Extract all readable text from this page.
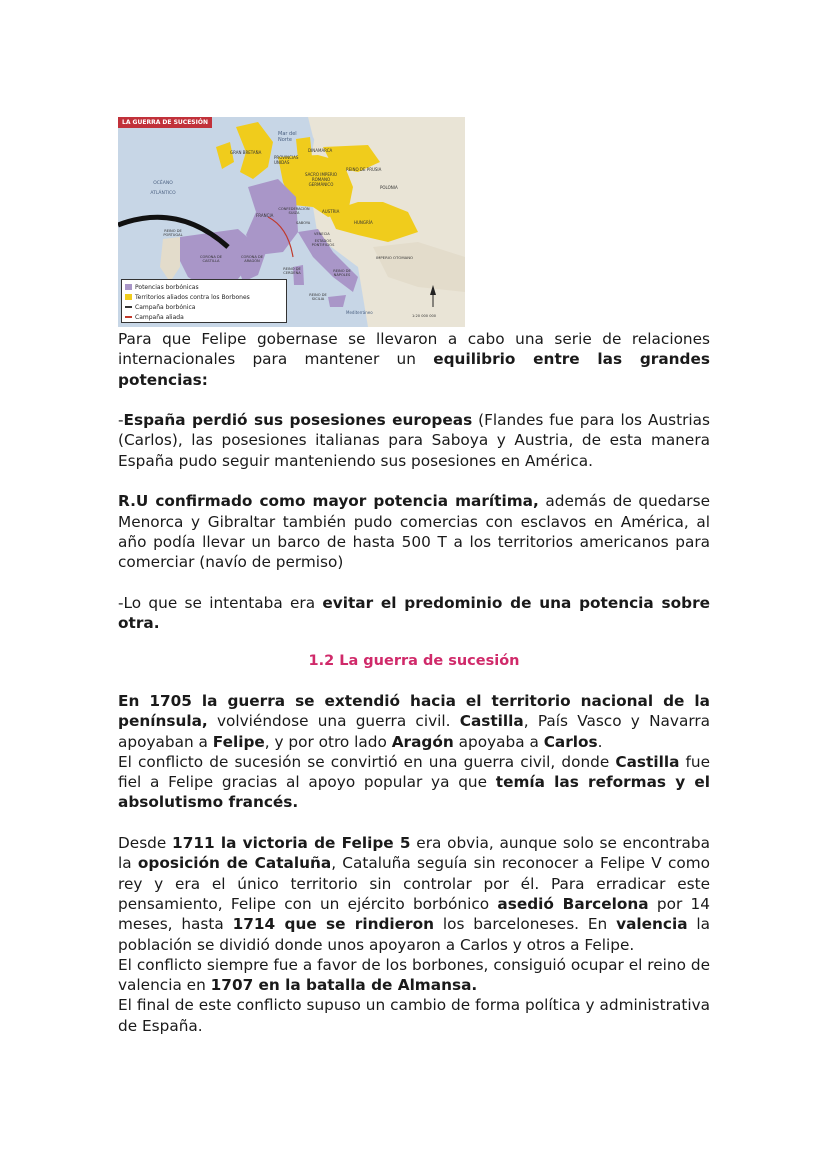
LA GUERRA DE SUCESIÓN
Mar del Norte
GRAN BRETAÑA	DINAMARCA
PROVINCIAS UNIDAS
REINO DE PRUSIA
POLONIA
OCÉANO ATLÁNTICO
SACRO IMPERIO ROMANO GERMÁNICO
FRANCIA
CONFEDERACIÓN SUIZA	AUSTRIA
SABOYA	HUNGRÍA
VENECIA
ESTADOS PONTIFICIOS
REINO DE PORTUGAL
CORONA DE CASTILLA
CORONA DE ARAGÓN
REINO DE CERDEÑA	REINO DE NÁPOLES
IMPERIO OTOMANO
REINO DE SICILIA
Mediterráneo
1:20 000 000
Potencias borbónicas
Territorios aliados contra los Borbones
Campaña borbónica
Campaña aliada

Para que Felipe gobernase se llevaron a cabo una serie de relaciones internacionales para mantener un equilibrio entre las grandes potencias:

-España perdió sus posesiones europeas (Flandes fue para los Austrias (Carlos), las posesiones italianas para Saboya y Austria, de esta manera España pudo seguir manteniendo sus posesiones en América.

R.U confirmado como mayor potencia marítima, además de quedarse Menorca y Gibraltar también pudo comercias con esclavos en América, al año podía llevar un barco de hasta 500 T a los territorios americanos para comerciar (navío de permiso)

-Lo que se intentaba era evitar el predominio de una potencia sobre otra.

1.2 La guerra de sucesión

En 1705 la guerra se extendió hacia el territorio nacional de la península, volviéndose una guerra civil. Castilla, País Vasco y Navarra apoyaban a Felipe, y por otro lado Aragón apoyaba a Carlos.

El conflicto de sucesión se convirtió en una guerra civil, donde Castilla fue fiel a Felipe gracias al apoyo popular ya que temía las reformas y el absolutismo francés.

Desde 1711 la victoria de Felipe 5 era obvia, aunque solo se encontraba la oposición de Cataluña, Cataluña seguía sin reconocer a Felipe V como rey y era el único territorio sin controlar por él. Para erradicar este pensamiento, Felipe con un ejército borbónico asedió Barcelona por 14 meses, hasta 1714 que se rindieron los barceloneses. En valencia la población se dividió donde unos apoyaron a Carlos y otros a Felipe.

El conflicto siempre fue a favor de los borbones, consiguió ocupar el reino de valencia en 1707 en la batalla de Almansa.

El final de este conflicto supuso un cambio de forma política y administrativa de España.
